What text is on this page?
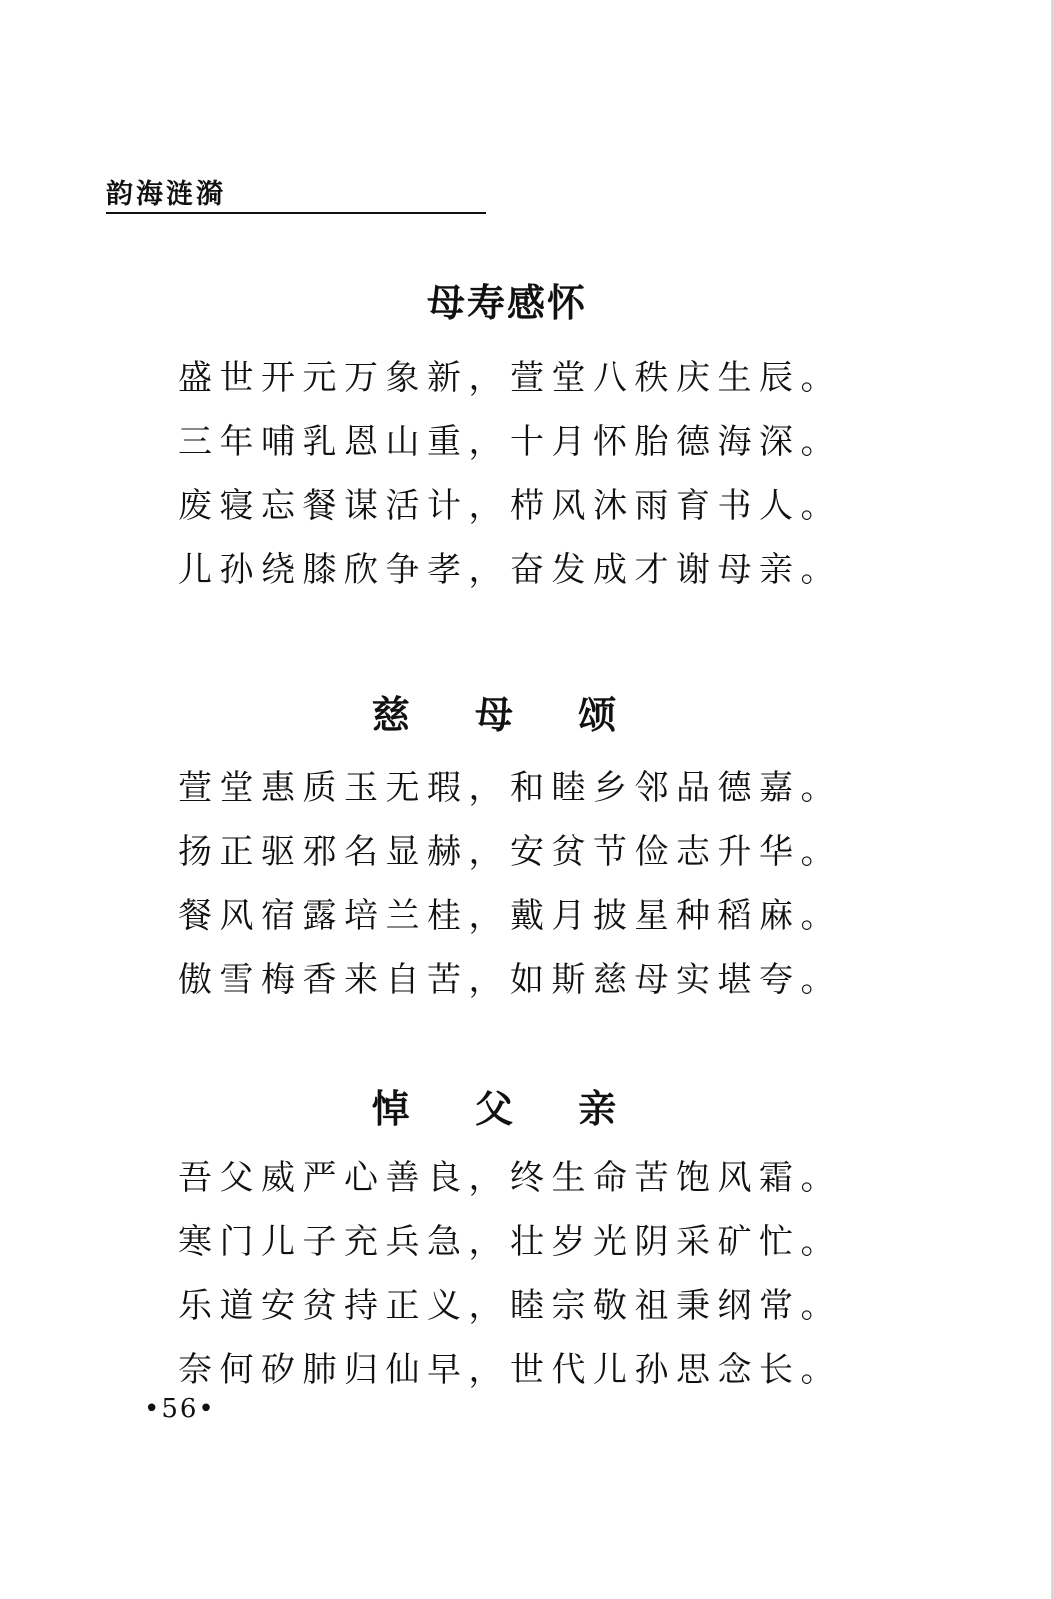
韵海涟漪
母寿感怀
盛世开元万象新，萱堂八秩庆生辰。
三年哺乳恩山重，十月怀胎德海深。
废寝忘餐谋活计，栉风沐雨育书人。
儿孙绕膝欣争孝，奋发成才谢母亲。
慈 母 颂
萱堂惠质玉无瑕，和睦乡邻品德嘉。
扬正驱邪名显赫，安贫节俭志升华。
餐风宿露培兰桂，戴月披星种稻麻。
傲雪梅香来自苦，如斯慈母实堪夸。
悼 父 亲
吾父威严心善良，终生命苦饱风霜。
寒门儿子充兵急，壮岁光阴采矿忙。
乐道安贫持正义，睦宗敬祖秉纲常。
奈何矽肺归仙早，世代儿孙思念长。
•56•
